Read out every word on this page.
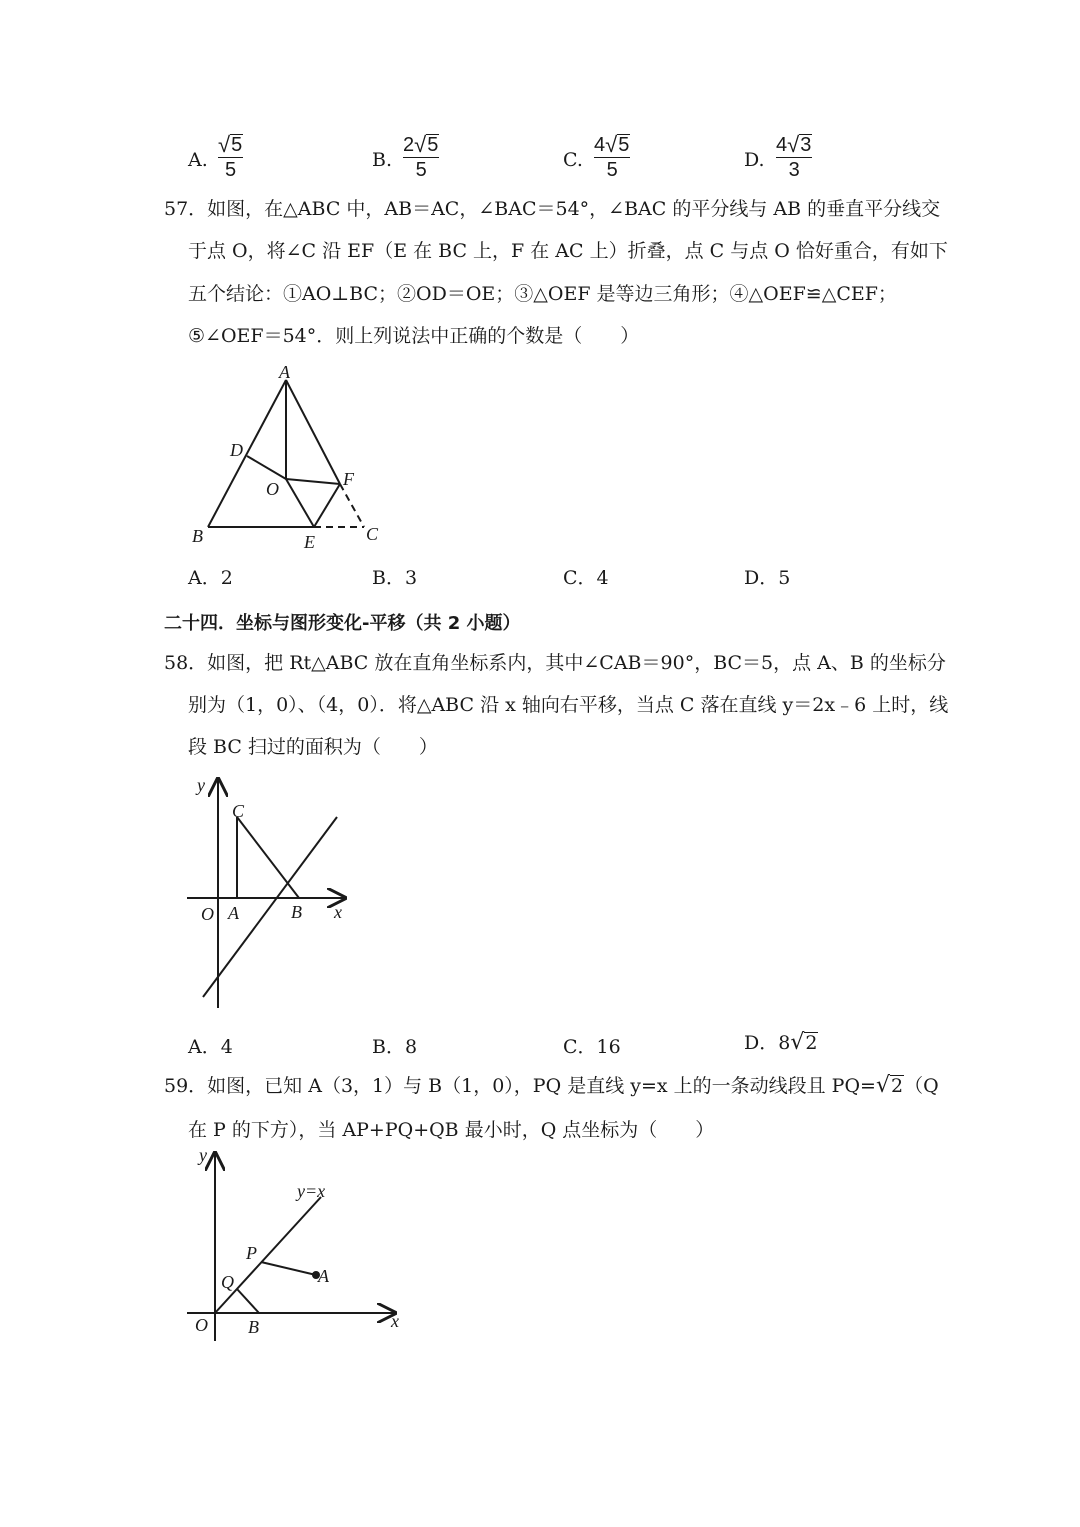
A.
√ 5
5	B.
2 √ 5
5	C.
4 √ 5
5	D.
4 √ 3
3
57．如图，在△ABC 中，AB＝AC，∠BAC＝54°，∠BAC 的平分线与 AB 的垂直平分线交
于点 O，将∠C 沿 EF（E 在 BC 上，F 在 AC 上）折叠，点 C 与点 O 恰好重合，有如下
五个结论：①AO⊥BC；②OD＝OE；③△OEF 是等边三角形；④△OEF≌△CEF；
⑤∠OEF＝54°．则上列说法中正确的个数是（　　）
A
D
O	F
B	E	C
A．2	B．3	C．4	D．5
二十四．坐标与图形变化-平移（共 2 小题）
58．如图，把 Rt△ABC 放在直角坐标系内，其中∠CAB＝90°，BC＝5，点 A、B 的坐标分
别为（1，0）、（4，0）．将△ABC 沿 x 轴向右平移，当点 C 落在直线 y＝2x﹣6 上时，线
段 BC 扫过的面积为（　　）
y
C
O A	B x
A．4	B．8	C．16	D． 8 √ 2
59．如图，已知 A（3，1）与 B（1，0），PQ 是直线 y=x 上的一条动线段且 PQ= √ 2 （Q
在 P 的下方），当 AP+PQ+QB 最小时，Q 点坐标为（　　）
y
y=x
P
Q	A
O B	x
